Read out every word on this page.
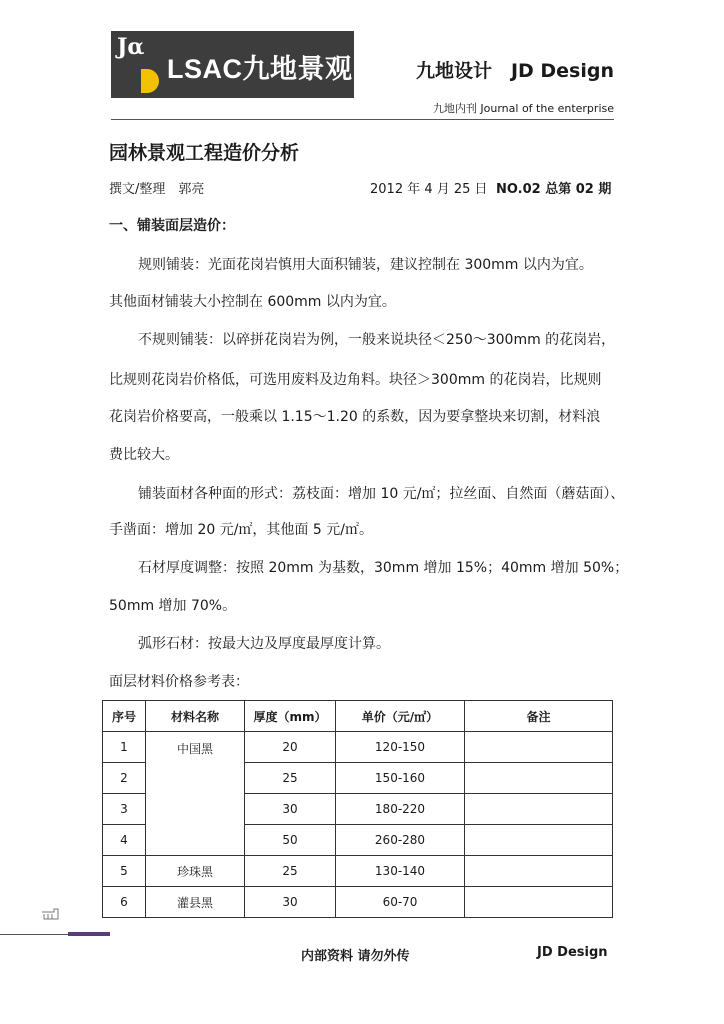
Jα
LSAC九地景观	九地设计　JD Design
九地内刊 Journal of the enterprise
园林景观工程造价分析
撰文/整理　郭亮	2012 年 4 月 25 日 NO.02 总第 02 期
一、铺装面层造价：
规则铺装：光面花岗岩慎用大面积铺装，建议控制在 300mm 以内为宜。
其他面材铺装大小控制在 600mm 以内为宜。
不规则铺装：以碎拼花岗岩为例，一般来说块径＜250～300mm 的花岗岩，
比规则花岗岩价格低，可选用废料及边角料。块径＞300mm 的花岗岩，比规则
花岗岩价格要高，一般乘以 1.15～1.20 的系数，因为要拿整块来切割，材料浪
费比较大。
铺装面材各种面的形式：荔枝面：增加 10 元/㎡；拉丝面、自然面（蘑菇面）、
手凿面：增加 20 元/㎡，其他面 5 元/㎡。
石材厚度调整：按照 20mm 为基数，30mm 增加 15%；40mm 增加 50%；
50mm 增加 70%。
弧形石材：按最大边及厚度最厚度计算。
面层材料价格参考表：
序号	材料名称	厚度（mm）	单价（元/㎡）	备注
1	中国黑	20	120-150	
2		25	150-160	
3		30	180-220	
4		50	260-280	
5	珍珠黑	25	130-140	
6	灌县黑	30	60-70	
内部资料 请勿外传	JD Design
